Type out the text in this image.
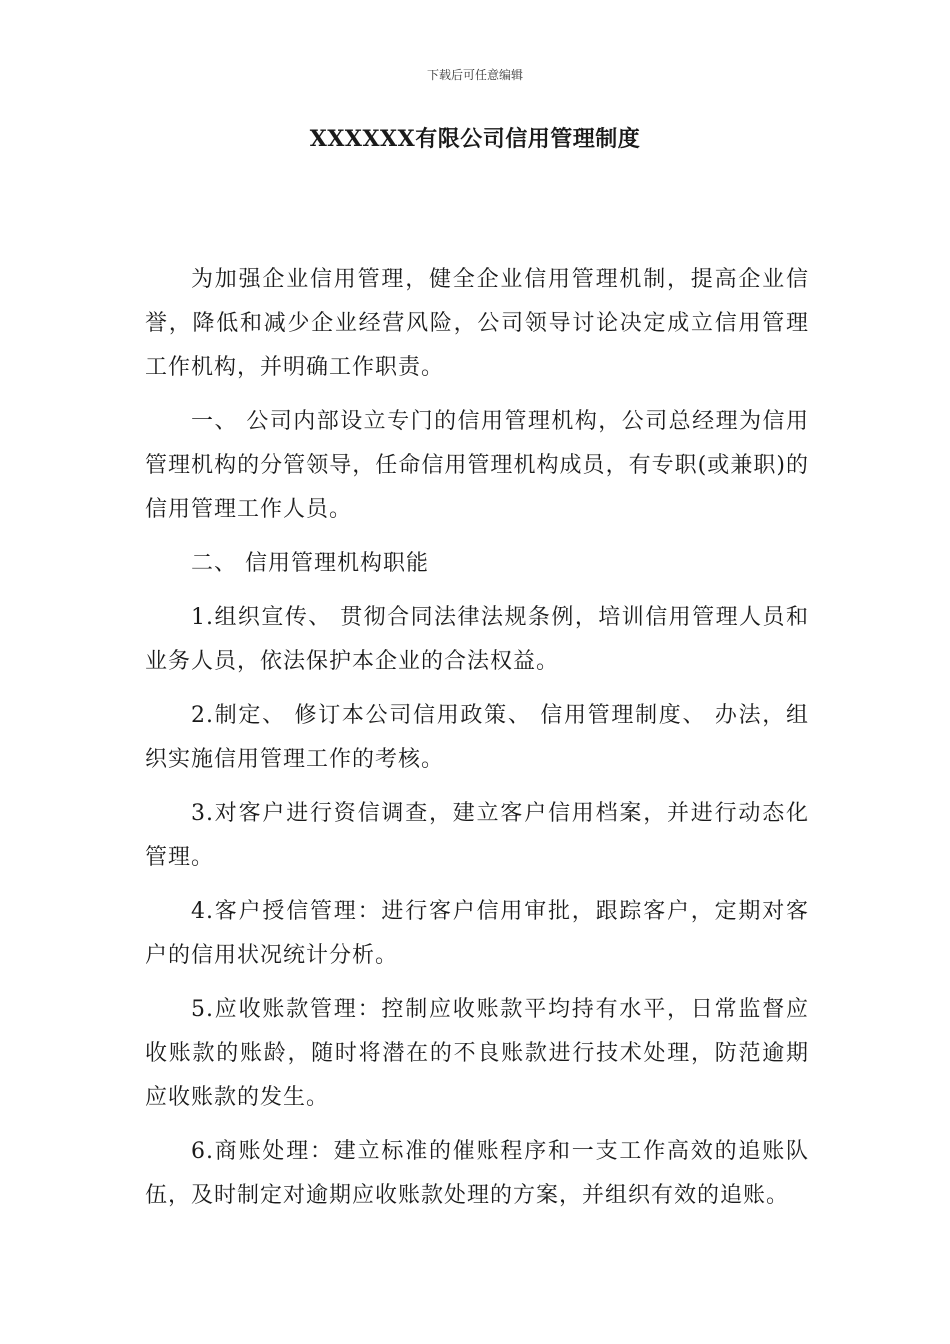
下载后可任意编辑
XXXXXX有限公司信用管理制度

为加强企业信用管理，健全企业信用管理机制，提高企业信誉，降低和减少企业经营风险，公司领导讨论决定成立信用管理工作机构，并明确工作职责。

一、 公司内部设立专门的信用管理机构，公司总经理为信用管理机构的分管领导，任命信用管理机构成员，有专职(或兼职)的信用管理工作人员。

二、 信用管理机构职能

1.组织宣传、 贯彻合同法律法规条例，培训信用管理人员和业务人员，依法保护本企业的合法权益。

2.制定、 修订本公司信用政策、 信用管理制度、 办法，组织实施信用管理工作的考核。

3.对客户进行资信调查，建立客户信用档案，并进行动态化管理。

4.客户授信管理：进行客户信用审批，跟踪客户，定期对客户的信用状况统计分析。

5.应收账款管理：控制应收账款平均持有水平，日常监督应收账款的账龄，随时将潜在的不良账款进行技术处理，防范逾期应收账款的发生。

6.商账处理：建立标准的催账程序和一支工作高效的追账队伍，及时制定对逾期应收账款处理的方案，并组织有效的追账。
